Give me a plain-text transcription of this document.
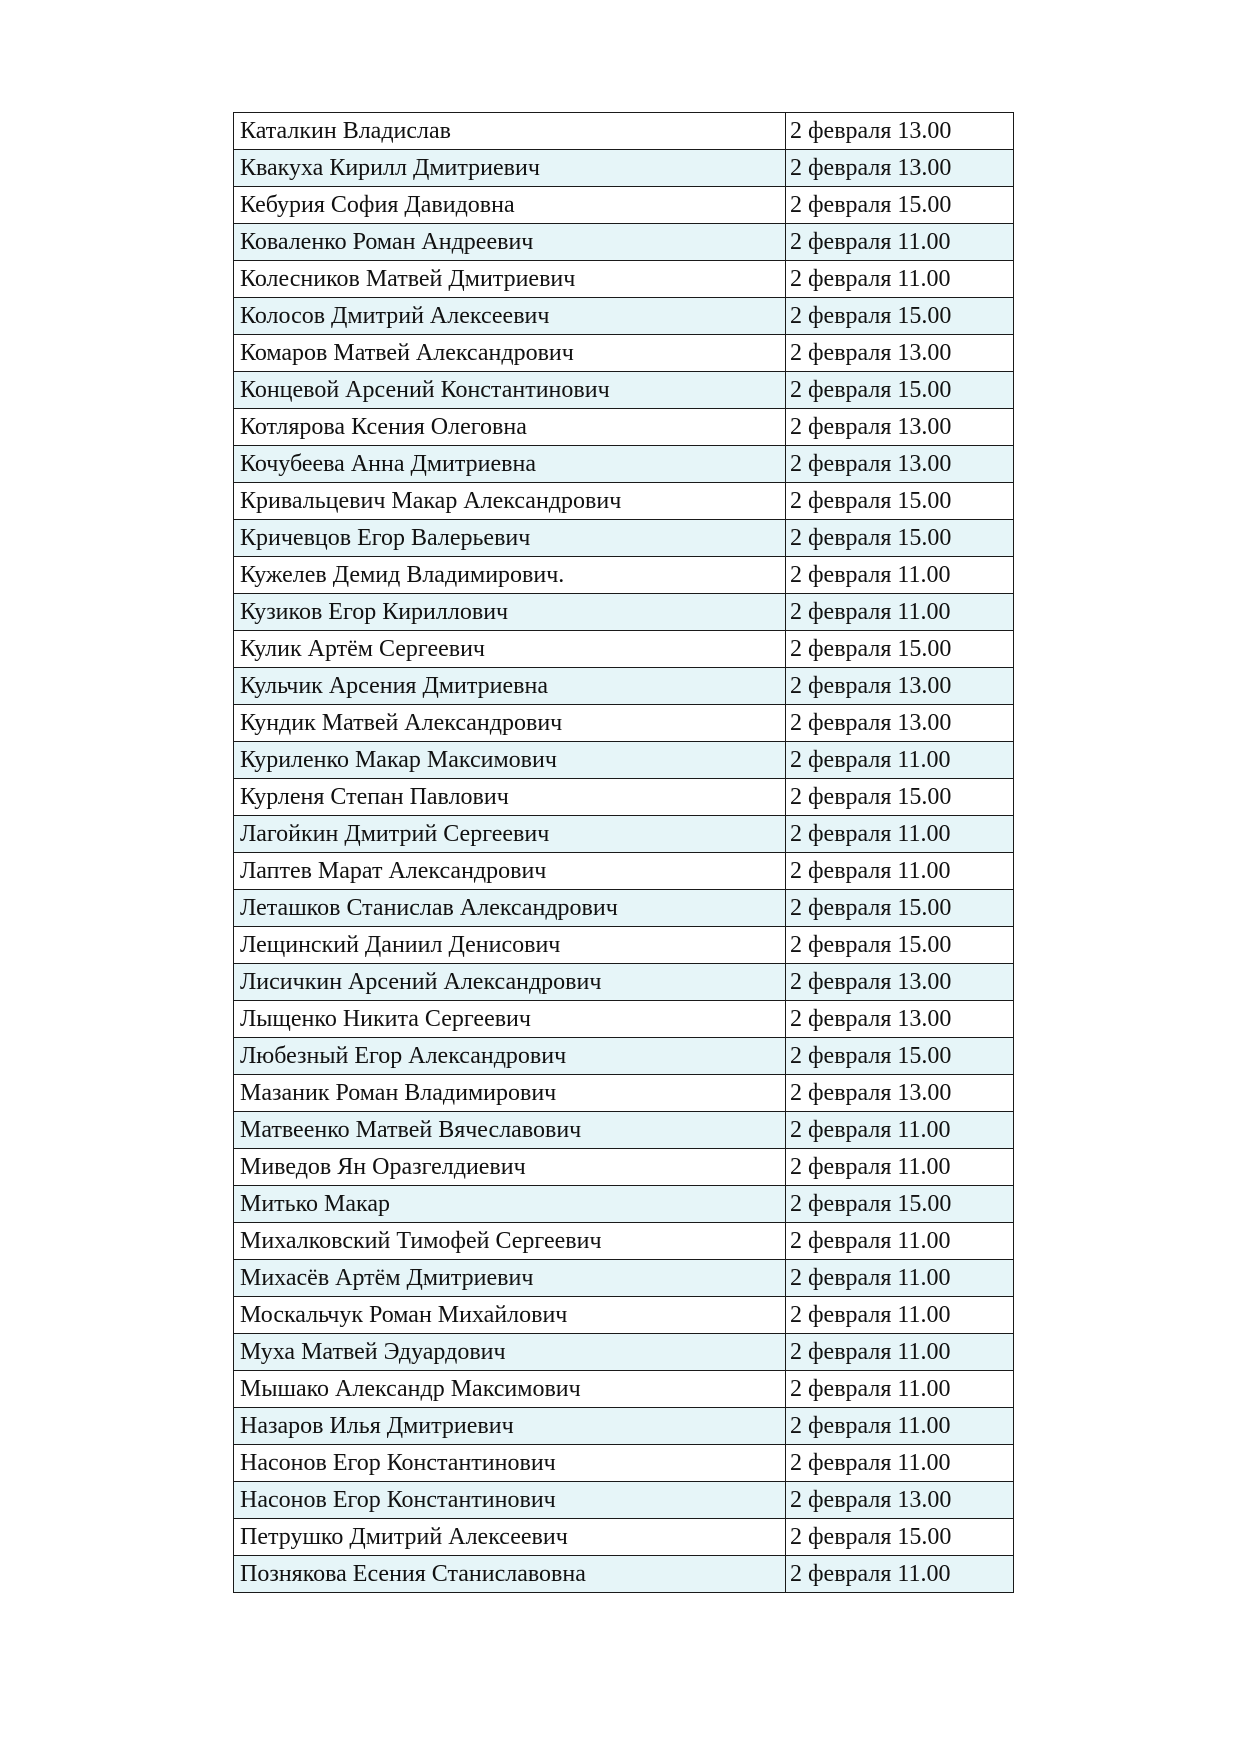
Каталкин Владислав	2 февраля 13.00
Квакуха Кирилл Дмитриевич	2 февраля 13.00
Кебурия София Давидовна	2 февраля 15.00
Коваленко Роман Андреевич	2 февраля 11.00
Колесников Матвей Дмитриевич	2 февраля 11.00
Колосов Дмитрий Алексеевич	2 февраля 15.00
Комаров Матвей Александрович	2 февраля 13.00
Концевой Арсений Константинович	2 февраля 15.00
Котлярова Ксения Олеговна	2 февраля 13.00
Кочубеева Анна Дмитриевна	2 февраля 13.00
Кривальцевич Макар Александрович	2 февраля 15.00
Кричевцов Егор Валерьевич	2 февраля 15.00
Кужелев Демид Владимирович.	2 февраля 11.00
Кузиков Егор Кириллович	2 февраля 11.00
Кулик Артём Сергеевич	2 февраля 15.00
Кульчик Арсения Дмитриевна	2 февраля 13.00
Кундик Матвей Александрович	2 февраля 13.00
Куриленко Макар Максимович	2 февраля 11.00
Курленя Степан Павлович	2 февраля 15.00
Лагойкин Дмитрий Сергеевич	2 февраля 11.00
Лаптев Марат Александрович	2 февраля 11.00
Леташков Станислав Александрович	2 февраля 15.00
Лещинский Даниил Денисович	2 февраля 15.00
Лисичкин Арсений Александрович	2 февраля 13.00
Лыщенко Никита Сергеевич	2 февраля 13.00
Любезный Егор Александрович	2 февраля 15.00
Мазаник Роман Владимирович	2 февраля 13.00
Матвеенко Матвей Вячеславович	2 февраля 11.00
Миведов Ян Оразгелдиевич	2 февраля 11.00
Митько Макар	2 февраля 15.00
Михалковский Тимофей Сергеевич	2 февраля 11.00
Михасёв Артём Дмитриевич	2 февраля 11.00
Москальчук Роман Михайлович	2 февраля 11.00
Муха Матвей Эдуардович	2 февраля 11.00
Мышако Александр Максимович	2 февраля 11.00
Назаров Илья Дмитриевич	2 февраля 11.00
Насонов Егор Константинович	2 февраля 11.00
Насонов Егор Константинович	2 февраля 13.00
Петрушко Дмитрий Алексеевич	2 февраля 15.00
Познякова Есения Станиславовна	2 февраля 11.00
